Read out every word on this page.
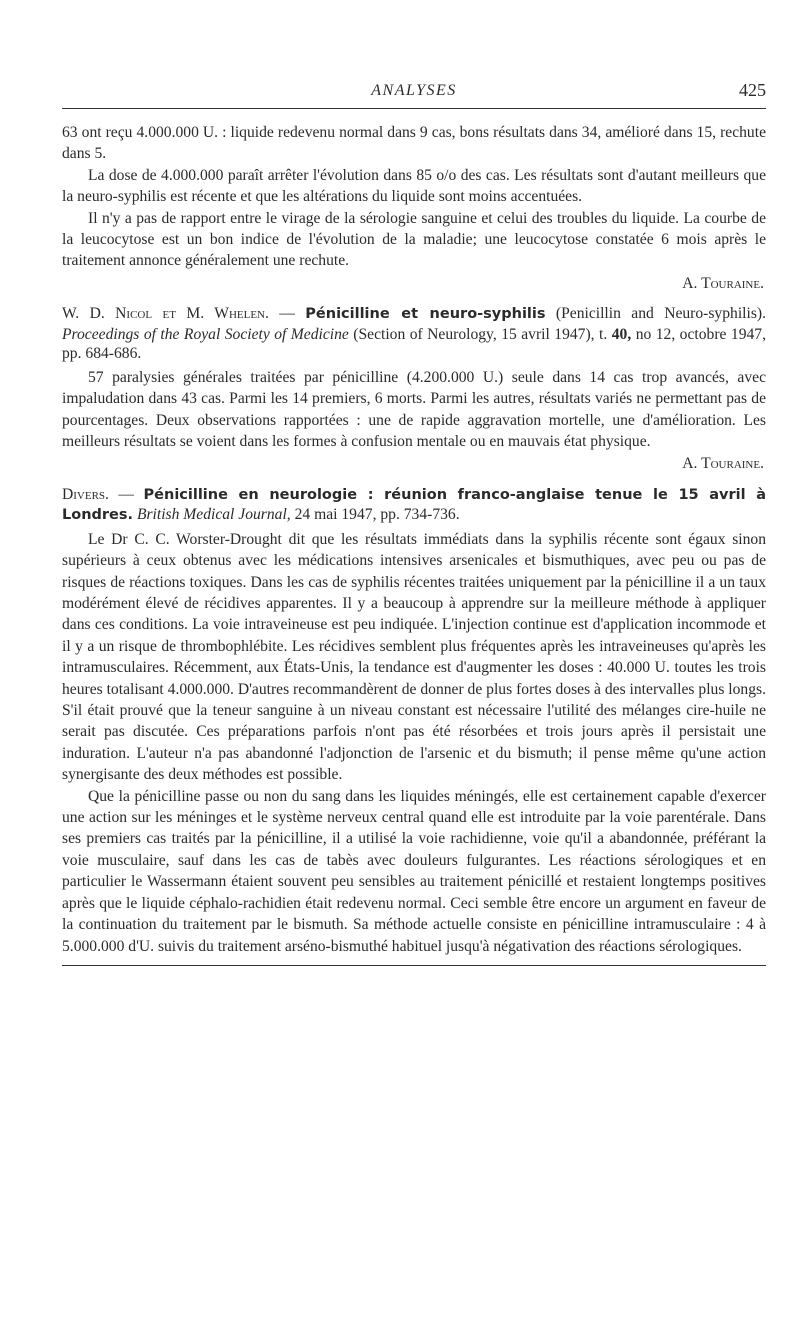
ANALYSES	425

63 ont reçu 4.000.000 U. : liquide redevenu normal dans 9 cas, bons résultats dans 34, amélioré dans 15, rechute dans 5.

La dose de 4.000.000 paraît arrêter l'évolution dans 85 o/o des cas. Les résultats sont d'autant meilleurs que la neuro-syphilis est récente et que les altérations du liquide sont moins accentuées.

Il n'y a pas de rapport entre le virage de la sérologie sanguine et celui des troubles du liquide. La courbe de la leucocytose est un bon indice de l'évolution de la maladie; une leucocytose constatée 6 mois après le traitement annonce généralement une rechute.

A. Touraine.

W. D. Nicol et M. Whelen. — Pénicilline et neuro-syphilis (Penicillin and Neuro-syphilis). Proceedings of the Royal Society of Medicine (Section of Neurology, 15 avril 1947), t. 40, no 12, octobre 1947, pp. 684-686.

57 paralysies générales traitées par pénicilline (4.200.000 U.) seule dans 14 cas trop avancés, avec impaludation dans 43 cas. Parmi les 14 premiers, 6 morts. Parmi les autres, résultats variés ne permettant pas de pourcentages. Deux observations rapportées : une de rapide aggravation mortelle, une d'amélioration. Les meilleurs résultats se voient dans les formes à confusion mentale ou en mauvais état physique.

A. Touraine.

Divers. — Pénicilline en neurologie : réunion franco-anglaise tenue le 15 avril à Londres. British Medical Journal, 24 mai 1947, pp. 734-736.

Le Dr C. C. Worster-Drought dit que les résultats immédiats dans la syphilis récente sont égaux sinon supérieurs à ceux obtenus avec les médications intensives arsenicales et bismuthiques, avec peu ou pas de risques de réactions toxiques. Dans les cas de syphilis récentes traitées uniquement par la pénicilline il a un taux modérément élevé de récidives apparentes. Il y a beaucoup à apprendre sur la meilleure méthode à appliquer dans ces conditions. La voie intraveineuse est peu indiquée. L'injection continue est d'application incommode et il y a un risque de thrombophlébite. Les récidives semblent plus fréquentes après les intraveineuses qu'après les intramusculaires. Récemment, aux États-Unis, la tendance est d'augmenter les doses : 40.000 U. toutes les trois heures totalisant 4.000.000. D'autres recommandèrent de donner de plus fortes doses à des intervalles plus longs. S'il était prouvé que la teneur sanguine à un niveau constant est nécessaire l'utilité des mélanges cire-huile ne serait pas discutée. Ces préparations parfois n'ont pas été résorbées et trois jours après il persistait une induration. L'auteur n'a pas abandonné l'adjonction de l'arsenic et du bismuth; il pense même qu'une action synergisante des deux méthodes est possible.

Que la pénicilline passe ou non du sang dans les liquides méningés, elle est certainement capable d'exercer une action sur les méninges et le système nerveux central quand elle est introduite par la voie parentérale. Dans ses premiers cas traités par la pénicilline, il a utilisé la voie rachidienne, voie qu'il a abandonnée, préférant la voie musculaire, sauf dans les cas de tabès avec douleurs fulgurantes. Les réactions sérologiques et en particulier le Wassermann étaient souvent peu sensibles au traitement pénicillé et restaient longtemps positives après que le liquide céphalo-rachidien était redevenu normal. Ceci semble être encore un argument en faveur de la continuation du traitement par le bismuth. Sa méthode actuelle consiste en pénicilline intramusculaire : 4 à 5.000.000 d'U. suivis du traitement arséno-bismuthé habituel jusqu'à négativation des réactions sérologiques.
